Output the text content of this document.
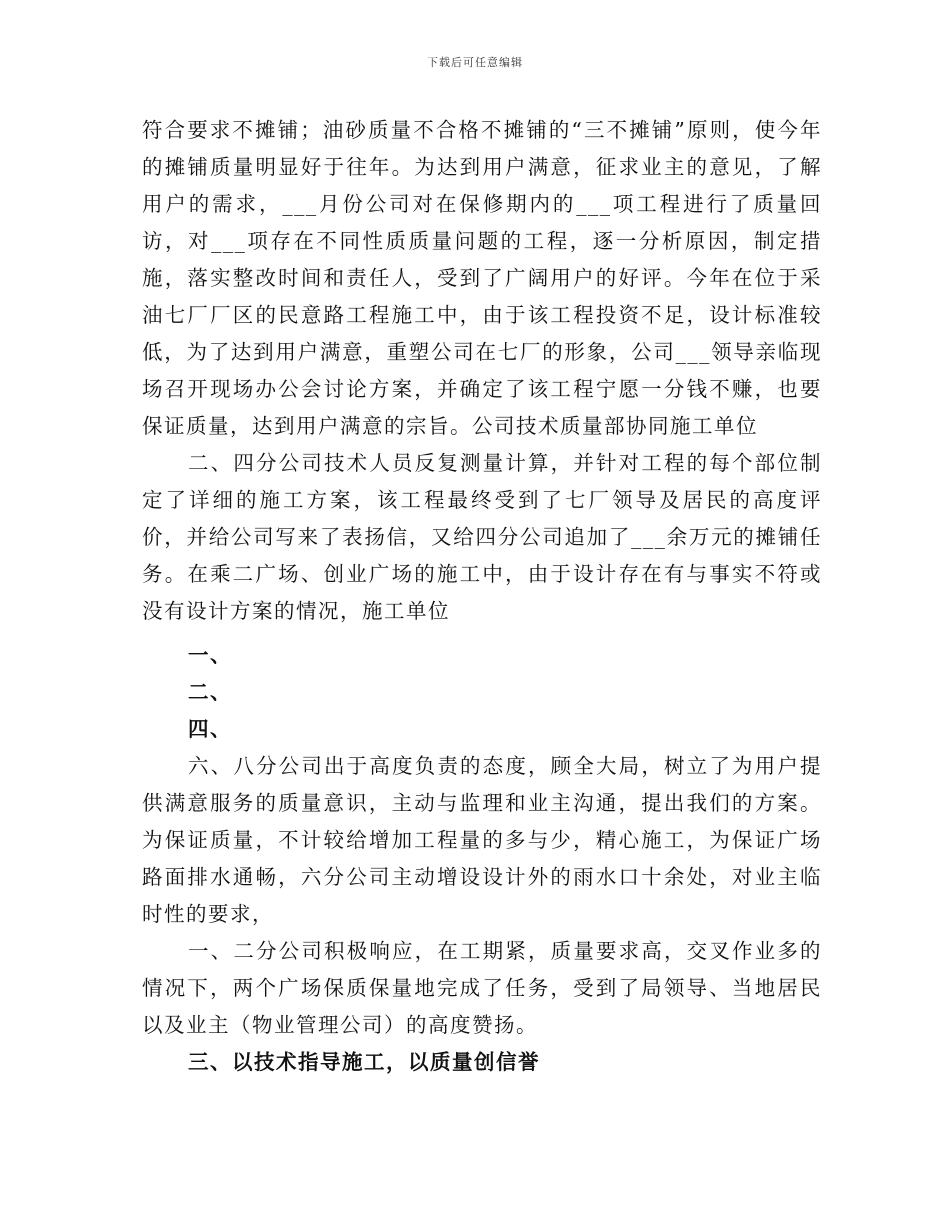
下载后可任意编辑

符合要求不摊铺；油砂质量不合格不摊铺的“三不摊铺”原则，使今年的摊铺质量明显好于往年。为达到用户满意，征求业主的意见，了解用户的需求，___月份公司对在保修期内的___项工程进行了质量回访，对___项存在不同性质质量问题的工程，逐一分析原因，制定措施，落实整改时间和责任人，受到了广阔用户的好评。今年在位于采油七厂厂区的民意路工程施工中，由于该工程投资不足，设计标准较低，为了达到用户满意，重塑公司在七厂的形象，公司___领导亲临现场召开现场办公会讨论方案，并确定了该工程宁愿一分钱不赚，也要保证质量，达到用户满意的宗旨。公司技术质量部协同施工单位

二、四分公司技术人员反复测量计算，并针对工程的每个部位制定了详细的施工方案，该工程最终受到了七厂领导及居民的高度评价，并给公司写来了表扬信，又给四分公司追加了___余万元的摊铺任务。在乘二广场、创业广场的施工中，由于设计存在有与事实不符或没有设计方案的情况，施工单位

一、

二、

四、

六、八分公司出于高度负责的态度，顾全大局，树立了为用户提供满意服务的质量意识，主动与监理和业主沟通，提出我们的方案。为保证质量，不计较给增加工程量的多与少，精心施工，为保证广场路面排水通畅，六分公司主动增设设计外的雨水口十余处，对业主临时性的要求，

一、二分公司积极响应，在工期紧，质量要求高，交叉作业多的情况下，两个广场保质保量地完成了任务，受到了局领导、当地居民以及业主（物业管理公司）的高度赞扬。

三、以技术指导施工，以质量创信誉
